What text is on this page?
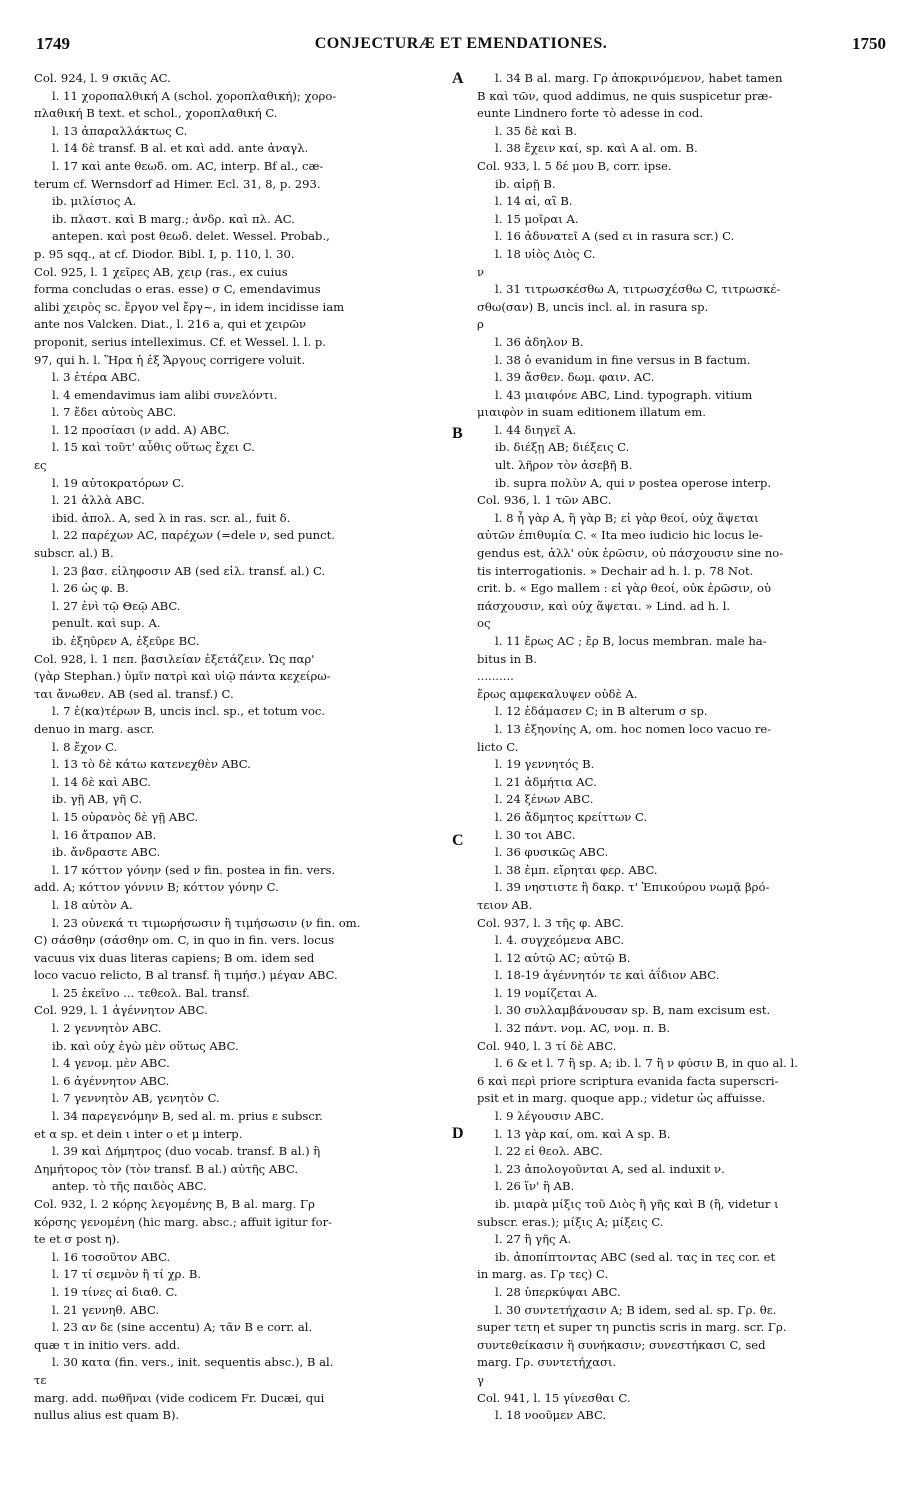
1749	CONJECTURÆ ET EMENDATIONES.	1750
A
B
C
D
Col. 924, l. 9 σκιᾶς AC.
l. 11 χοροπαλθική A (schol. χοροπλαθική); χορο-
πλαθική B text. et schol., χοροπλαθική C.
l. 13 ἀπαραλλάκτως C.
l. 14 δὲ transf. B al. et καὶ add. ante ἀναγλ.
l. 17 καὶ ante θεωδ. om. AC, interp. Bf al., cæ-
terum cf. Wernsdorf ad Himer. Ecl. 31, 8, p. 293.
ib. μιλίσιος A.
ib. πλαστ. καὶ B marg.; ἀνδρ. καὶ πλ. AC.
antepen. καὶ post θεωδ. delet. Wessel. Probab.,
p. 95 sqq., at cf. Diodor. Bibl. I, p. 110, l. 30.
Col. 925, l. 1 χεῖρες AB, χειρ (ras., ex cuius
forma concludas o eras. esse) σ C, emendavimus
alibi χειρὸς sc. ἔργον vel ἔργ~, in idem incidisse iam
ante nos Valcken. Diat., l. 216 a, qui et χειρῶν
proponit, serius intelleximus. Cf. et Wessel. l. l. p.
97, qui h. l. Ἥρα ἡ ἐξ Ἄργους corrigere voluit.
l. 3 ἑτέρα ABC.
l. 4 emendavimus iam alibi συνελόντι.
l. 7 ἔδει αὐτοὺς ABC.
l. 12 προσίασι (ν add. A) ABC.
l. 15 καὶ τοῦτ' αὖθις οὕτως ἔχει C.
ες
l. 19 αὐτοκρατόρων C.
l. 21 ἀλλὰ ABC.
ibid. ἀπολ. A, sed λ in ras. scr. al., fuit δ.
l. 22 παρέχων AC, παρέχων (=dele ν, sed punct.
subscr. al.) B.
l. 23 βασ. εἰληφοσιν AB (sed εἰλ. transf. al.) C.
l. 26 ὡς φ. B.
l. 27 ἐνὶ τῷ Θεῷ ABC.
penult. καὶ sup. A.
ib. ἐξηῦρεν A, ἐξεῦρε BC.
Col. 928, l. 1 πεπ. βασιλείαν ἐξετάζειν. Ὡς παρ'
(γὰρ Stephan.) ὑμῖν πατρὶ καὶ υἱῷ πάντα κεχείρω-
ται ἄνωθεν. AB (sed al. transf.) C.
l. 7 ἑ(κα)τέρων B, uncis incl. sp., et totum voc.
denuo in marg. ascr.
l. 8 ἔχον C.
l. 13 τὸ δὲ κάτω κατενεχθὲν ABC.
l. 14 δὲ καὶ ABC.
ib. γῇ AB, γῆ C.
l. 15 οὐρανὸς δὲ γῇ ABC.
l. 16 ἄτραπον AB.
ib. ἄνδραστε ABC.
l. 17 κόττον γόνην (sed ν fin. postea in fin. vers.
add. A; κόττον γόννιν B; κόττον γόνην C.
l. 18 αὐτὸν A.
l. 23 οὐνεκά τι τιμωρήσωσιν ἢ τιμήσωσιν (ν fin. om.
C) σάσθην (σάσθην om. C, in quo in fin. vers. locus
vacuus vix duas literas capiens; B om. idem sed
loco vacuo relicto, B al transf. ἢ τιμήσ.) μέγαν ABC.
l. 25 ἐκεῖνο ... τεθεολ. Bal. transf.
Col. 929, l. 1 ἀγέννητον ABC.
l. 2 γεννητὸν ABC.
ib. καὶ οὐχ ἐγὼ μὲν οὕτως ABC.
l. 4 γενομ. μὲν ABC.
l. 6 ἀγέννητον ABC.
l. 7 γεννητὸν AB, γενητὸν C.
l. 34 παρεγενόμην B, sed al. m. prius ε subscr.
et α sp. et dein ι inter ο et μ interp.
l. 39 καὶ Δήμητρος (duo vocab. transf. B al.) ἢ
Δημήτορος τὸν (τὸν transf. B al.) αὐτῆς ABC.
antep. τὸ τῆς παιδὸς ABC.
Col. 932, l. 2 κόρης λεγομένης B, B al. marg. Γρ
κόρσης γενομένη (hic marg. absc.; affuit igitur for-
te et σ post η).
l. 16 τοσοῦτον ABC.
l. 17 τί σεμνὸν ἢ τί χρ. B.
l. 19 τίνες αἱ διαθ. C.
l. 21 γεννηθ. ABC.
l. 23 αν δε (sine accentu) A; τᾶν B e corr. al.
quæ τ in initio vers. add.
l. 30 κατα (fin. vers., init. sequentis absc.), B al.
τε
marg. add. πωθῆναι (vide codicem Fr. Ducæi, qui
nullus alius est quam B).
l. 34 B al. marg. Γρ ἀποκρινόμενον, habet tamen
B καὶ τῶν, quod addimus, ne quis suspicetur præ-
eunte Lindnero forte τὸ adesse in cod.
l. 35 δὲ καὶ B.
l. 38 ἔχειν καί, sp. καὶ A al. om. B.
Col. 933, l. 5 δέ μου B, corr. ipse.
ib. αἰρῇ B.
l. 14 αἰ, αἲ B.
l. 15 μοῖραι A.
l. 16 ἀδυνατεῖ A (sed ει in rasura scr.) C.
l. 18 υἱὸς Διὸς C.
ν
l. 31 τιτρωσκέσθω A, τιτρωσχέσθω C, τιτρωσκέ-
σθω(σαν) B, uncis incl. al. in rasura sp.
ρ
l. 36 ἀδηλον B.
l. 38 ὁ evanidum in fine versus in B factum.
l. 39 ἄσθεν. δωμ. φαιν. AC.
l. 43 μιαιφόνε ABC, Lind. typograph. vitium
μιαιφὸν in suam editionem illatum em.
l. 44 διηγεῖ A.
ib. διέξῃ AB; διέξεις C.
ult. λῆρον τὸν ἀσεβῆ B.
ib. supra πολὺν A, qui ν postea operose interp.
Col. 936, l. 1 τῶν ABC.
l. 8 ἦ γὰρ A, ἢ γὰρ B; εἰ γὰρ θεοί, οὐχ ἅψεται
αὐτῶν ἐπιθυμία C. « Ita meo iudicio hic locus le-
gendus est, ἀλλ' οὐκ ἐρῶσιν, οὐ πάσχουσιν sine no-
tis interrogationis. » Dechair ad h. l. p. 78 Not.
crit. b. « Ego mallem : εἰ γὰρ θεοί, οὐκ ἐρῶσιν, οὐ
πάσχουσιν, καὶ οὐχ ἅψεται. » Lind. ad h. l.
ος
l. 11 ἔρως AC ; ἔρ B, locus membran. male ha-
bitus in B.
..........
ἔρως αμφεκαλυψεν οὐδὲ A.
l. 12 ἐδάμασεν C; in B alterum σ sp.
l. 13 ἐξηονίης A, om. hoc nomen loco vacuo re-
licto C.
l. 19 γεννητός B.
l. 21 ἀδμήτια AC.
l. 24 ξένων ABC.
l. 26 ἄδμητος κρείττων C.
l. 30 τοι ABC.
l. 36 φυσικῶς ABC.
l. 38 ἐμπ. εἴρηται φερ. ABC.
l. 39 νηστιστε ἢ δακρ. τ' Ἐπικούρου νωμᾷ βρό-
τειον AB.
Col. 937, l. 3 τῆς φ. ABC.
l. 4. συγχεόμενα ABC.
l. 12 αὐτῷ AC; αὐτῷ B.
l. 18-19 ἀγέννητόν τε καὶ ἀΐδιον ABC.
l. 19 νομίζεται A.
l. 30 συλλαμβάνουσαν sp. B, nam excisum est.
l. 32 πάντ. νομ. AC, νομ. π. B.
Col. 940, l. 3 τί δὲ ABC.
l. 6 & et l. 7 ἢ sp. A; ib. l. 7 ἢ ν φύσιν B, in quo al. l.
6 καὶ περὶ priore scriptura evanida facta superscri-
psit et in marg. quoque app.; videtur ὡς affuisse.
l. 9 λέγουσιν ABC.
l. 13 γὰρ καί, om. καὶ A sp. B.
l. 22 εἰ θεολ. ABC.
l. 23 ἀπολογοῦνται A, sed al. induxit ν.
l. 26 ἵν' ἢ AB.
ib. μιαρὰ μίξις τοῦ Διὸς ἢ γῆς καὶ B (ἢ, videtur ι
subscr. eras.); μίξις A; μίξεις C.
l. 27 ἢ γῆς A.
ib. ἀποπίπτοντας ABC (sed al. τας in τες cor. et
in marg. as. Γρ τες) C.
l. 28 ὑπερκύψαι ABC.
l. 30 συντετήχασιν A; B idem, sed al. sp. Γρ. θε.
super τετη et super τη punctis scris in marg. scr. Γρ.
συντεθείκασιν ἢ συνήκασιν; συνεστήκασι C, sed
marg. Γρ. συντετήχασι.
γ
Col. 941, l. 15 γίνεσθαι C.
l. 18 νοοῦμεν ABC.
